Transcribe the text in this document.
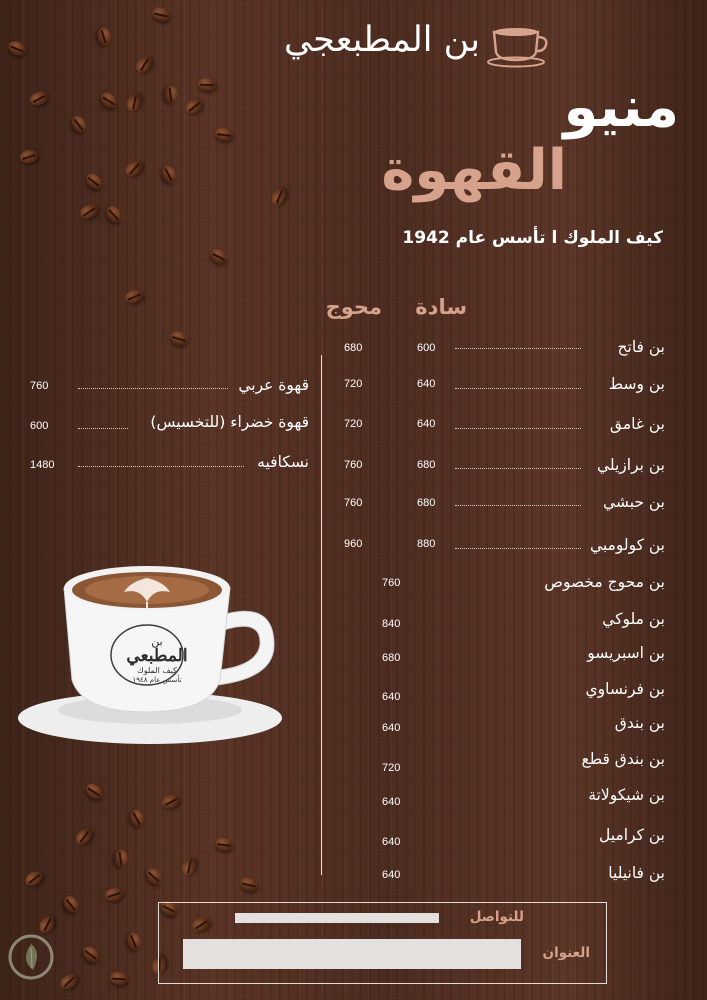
بن المطبعجي
منيو
القهوة
كيف الملوك ا تأسس عام 1942
سادة
محوج
بن فاتح
600
680
بن وسط
640
720
بن غامق
640
720
بن برازيلي
680
760
بن حبشي
680
760
بن كولومبي
880
960
بن محوج مخصوص
760
بن ملوكي
840
بن اسبريسو
680
بن فرنساوي
640
بن بندق
640
بن بندق قطع
720
بن شيكولاتة
640
بن كراميل
640
بن فانيليا
640
قهوة عربي
760
قهوة خضراء (للتخسيس)
600
نسكافيه
1480
بن
المطبعي
كيف الملوك
تأسس عام ١٩٤٨
للتواصل
العنوان
